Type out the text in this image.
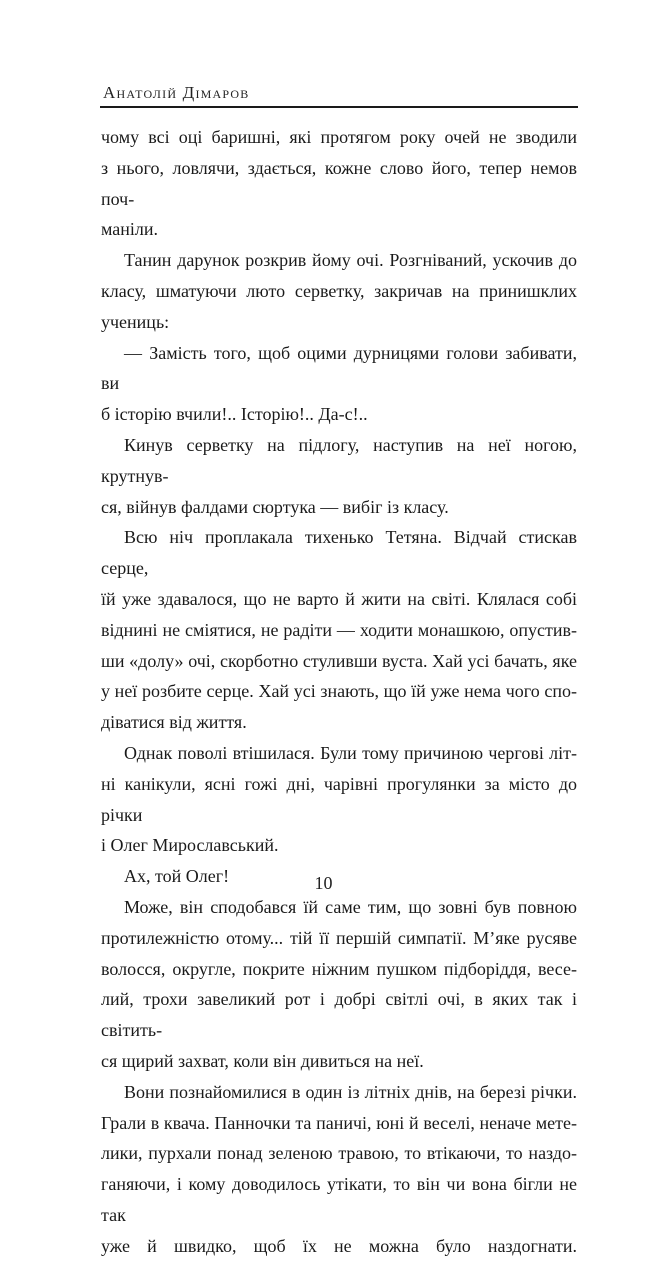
Анатолій Дімаров
чому всі оці баришні, які протягом року очей не зводили
з нього, ловлячи, здається, кожне слово його, тепер немов поч-
маніли.
Танин дарунок розкрив йому очі. Розгніваний, ускочив до
класу, шматуючи люто серветку, закричав на принишклих
учениць:
— Замість того, щоб оцими дурницями голови забивати, ви
б історію вчили!.. Історію!.. Да-с!..
Кинув серветку на підлогу, наступив на неї ногою, крутнув-
ся, війнув фалдами сюртука — вибіг із класу.
Всю ніч проплакала тихенько Тетяна. Відчай стискав серце,
їй уже здавалося, що не варто й жити на світі. Клялася собі
віднині не сміятися, не радіти — ходити монашкою, опустив-
ши «долу» очі, скорботно стуливши вуста. Хай усі бачать, яке
у неї розбите серце. Хай усі знають, що їй уже нема чого спо-
діватися від життя.
Однак поволі втішилася. Були тому причиною чергові літ-
ні канікули, ясні гожі дні, чарівні прогулянки за місто до річки
і Олег Мирославський.
Ах, той Олег!
Може, він сподобався їй саме тим, що зовні був повною
протилежністю отому... тій її першій симпатії. М’яке русяве
волосся, округле, покрите ніжним пушком підборіддя, весе-
лий, трохи завеликий рот і добрі світлі очі, в яких так і світить-
ся щирий захват, коли він дивиться на неї.
Вони познайомилися в один із літніх днів, на березі річки.
Грали в квача. Панночки та паничі, юні й веселі, неначе мете-
лики, пурхали понад зеленою травою, то втікаючи, то наздо-
ганяючи, і кому доводилось утікати, то він чи вона бігли не так
уже й швидко, щоб їх не можна було наздогнати.
10
